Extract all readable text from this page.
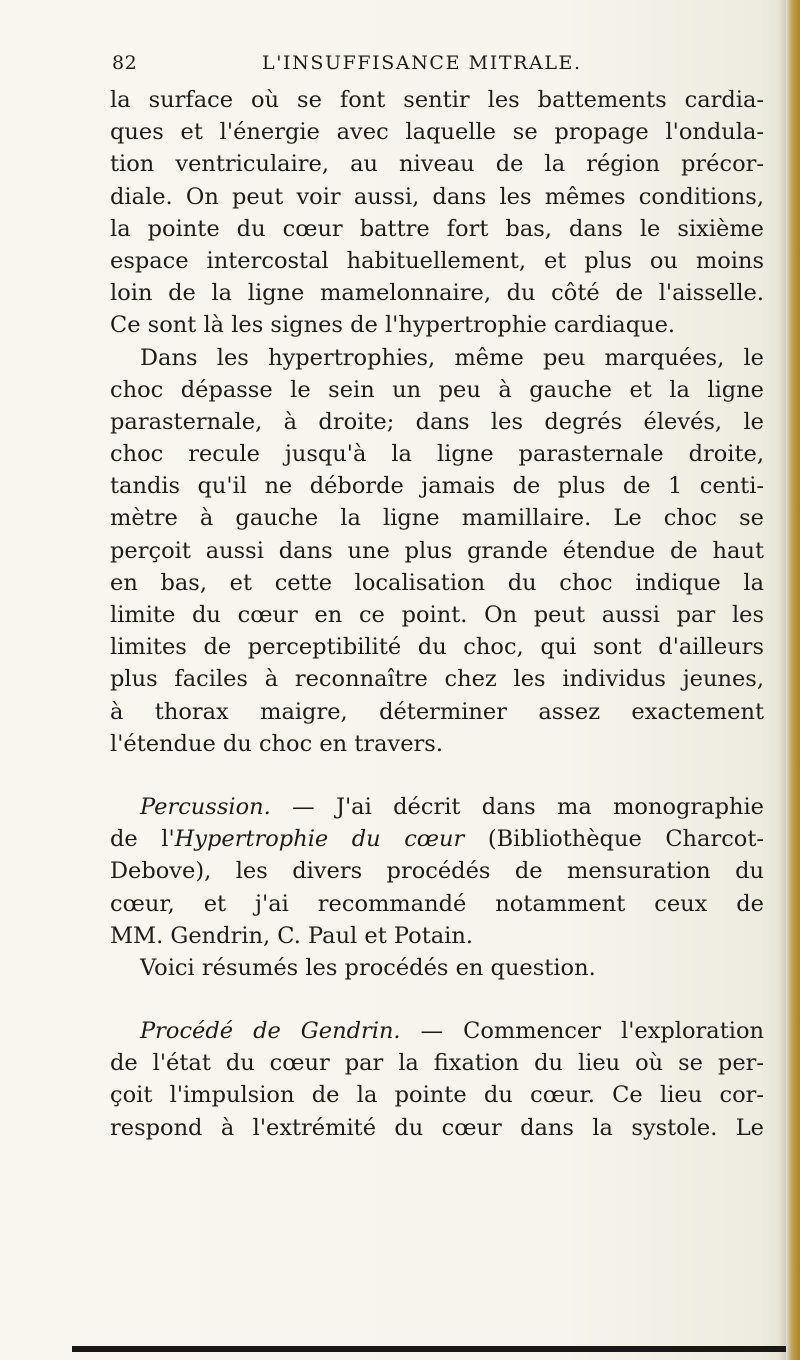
82	L'INSUFFISANCE MITRALE.
la surface où se font sentir les battements cardia-
ques et l'énergie avec laquelle se propage l'ondula-
tion ventriculaire, au niveau de la région précor-
diale. On peut voir aussi, dans les mêmes conditions,
la pointe du cœur battre fort bas, dans le sixième
espace intercostal habituellement, et plus ou moins
loin de la ligne mamelonnaire, du côté de l'aisselle.
Ce sont là les signes de l'hypertrophie cardiaque.
Dans les hypertrophies, même peu marquées, le
choc dépasse le sein un peu à gauche et la ligne
parasternale, à droite; dans les degrés élevés, le
choc recule jusqu'à la ligne parasternale droite,
tandis qu'il ne déborde jamais de plus de 1 centi-
mètre à gauche la ligne mamillaire. Le choc se
perçoit aussi dans une plus grande étendue de haut
en bas, et cette localisation du choc indique la
limite du cœur en ce point. On peut aussi par les
limites de perceptibilité du choc, qui sont d'ailleurs
plus faciles à reconnaître chez les individus jeunes,
à thorax maigre, déterminer assez exactement
l'étendue du choc en travers.
Percussion. — J'ai décrit dans ma monographie
de l'Hypertrophie du cœur (Bibliothèque Charcot-
Debove), les divers procédés de mensuration du
cœur, et j'ai recommandé notamment ceux de
MM. Gendrin, C. Paul et Potain.
Voici résumés les procédés en question.
Procédé de Gendrin. — Commencer l'exploration
de l'état du cœur par la fixation du lieu où se per-
çoit l'impulsion de la pointe du cœur. Ce lieu cor-
respond à l'extrémité du cœur dans la systole. Le
